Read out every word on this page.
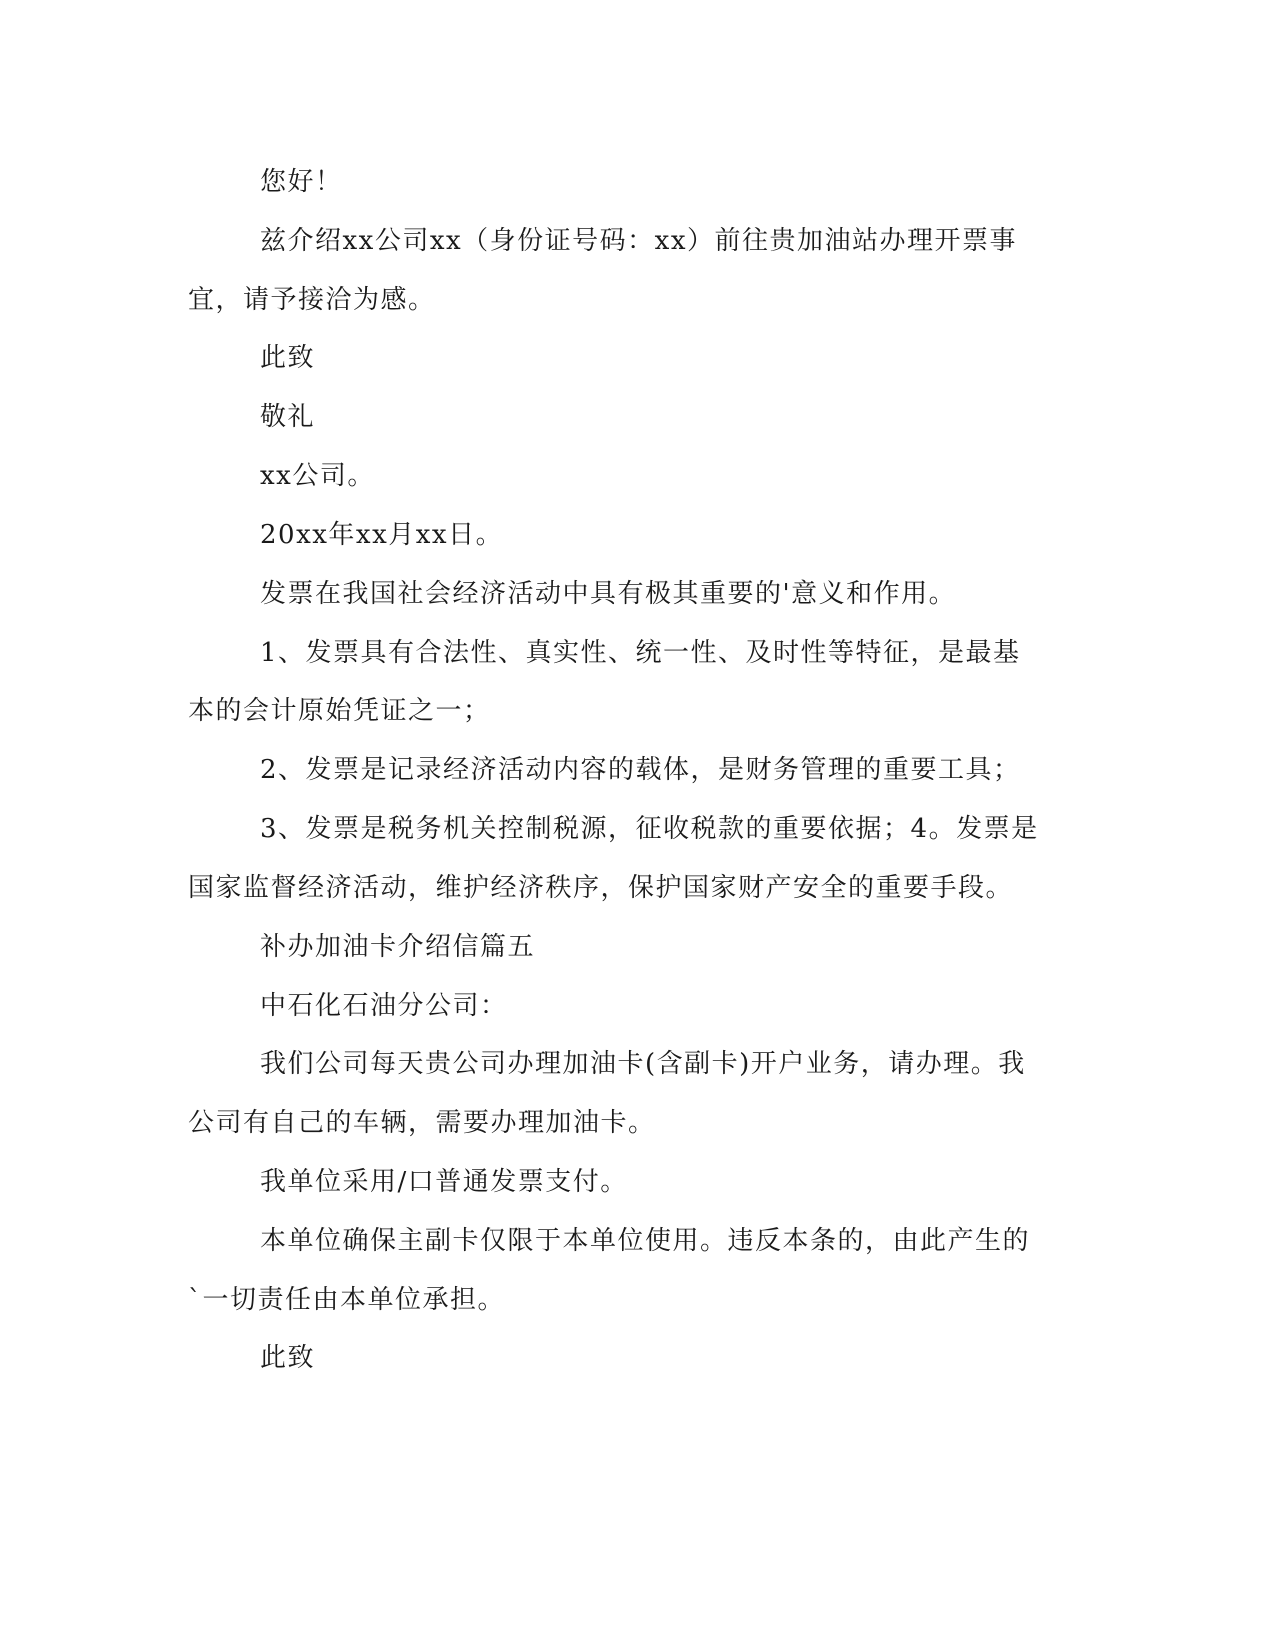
您好！
兹介绍xx公司xx（身份证号码：xx）前往贵加油站办理开票事
宜，请予接洽为感。
此致
敬礼
xx公司。
20xx年xx月xx日。
发票在我国社会经济活动中具有极其重要的'意义和作用。
1、发票具有合法性、真实性、统一性、及时性等特征，是最基
本的会计原始凭证之一；
2、发票是记录经济活动内容的载体，是财务管理的重要工具；
3、发票是税务机关控制税源，征收税款的重要依据；4。发票是
国家监督经济活动，维护经济秩序，保护国家财产安全的重要手段。
补办加油卡介绍信篇五
中石化石油分公司：
我们公司每天贵公司办理加油卡(含副卡)开户业务，请办理。我
公司有自己的车辆，需要办理加油卡。
我单位采用/口普通发票支付。
本单位确保主副卡仅限于本单位使用。违反本条的，由此产生的
`一切责任由本单位承担。
此致
